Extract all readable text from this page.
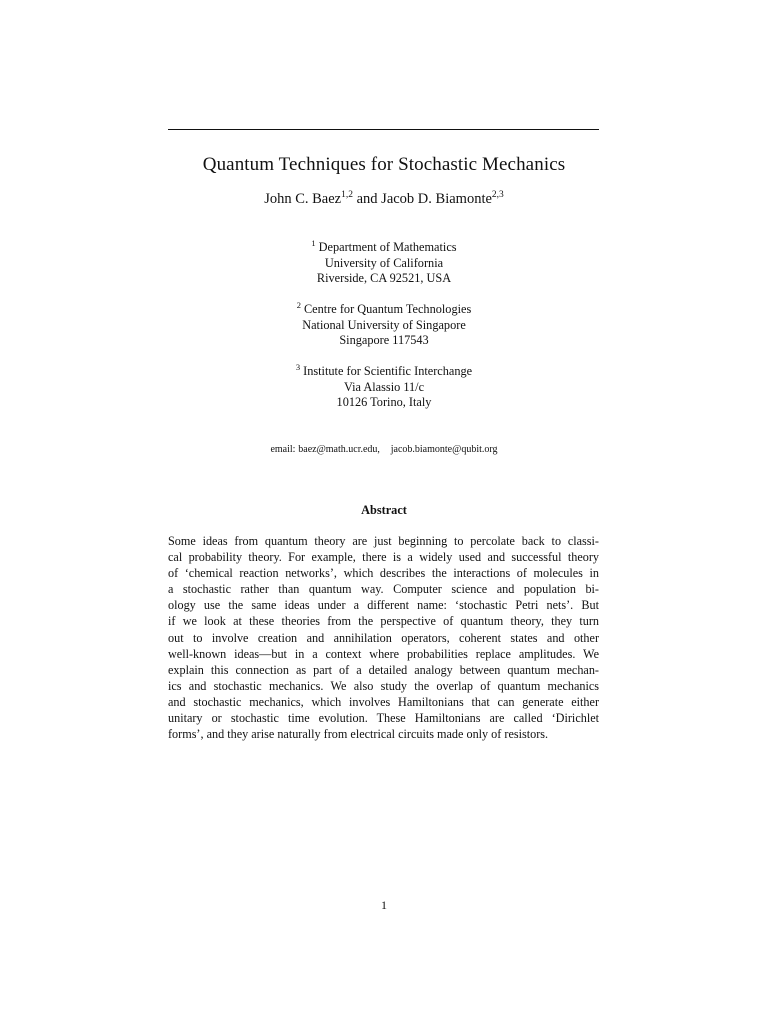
Quantum Techniques for Stochastic Mechanics
John C. Baez$^{1,2}$ and Jacob D. Biamonte$^{2,3}$
$^1$ Department of Mathematics
University of California
Riverside, CA 92521, USA
$^2$ Centre for Quantum Technologies
National University of Singapore
Singapore 117543
$^3$ Institute for Scientific Interchange
Via Alassio 11/c
10126 Torino, Italy
email: baez@math.ucr.edu, jacob.biamonte@qubit.org
Abstract
Some ideas from quantum theory are just beginning to percolate back to classi-
cal probability theory. For example, there is a widely used and successful theory
of ‘chemical reaction networks’, which describes the interactions of molecules in
a stochastic rather than quantum way. Computer science and population bi-
ology use the same ideas under a different name: ‘stochastic Petri nets’. But
if we look at these theories from the perspective of quantum theory, they turn
out to involve creation and annihilation operators, coherent states and other
well-known ideas—but in a context where probabilities replace amplitudes. We
explain this connection as part of a detailed analogy between quantum mechan-
ics and stochastic mechanics. We also study the overlap of quantum mechanics
and stochastic mechanics, which involves Hamiltonians that can generate either
unitary or stochastic time evolution. These Hamiltonians are called ‘Dirichlet
forms’, and they arise naturally from electrical circuits made only of resistors.
1
